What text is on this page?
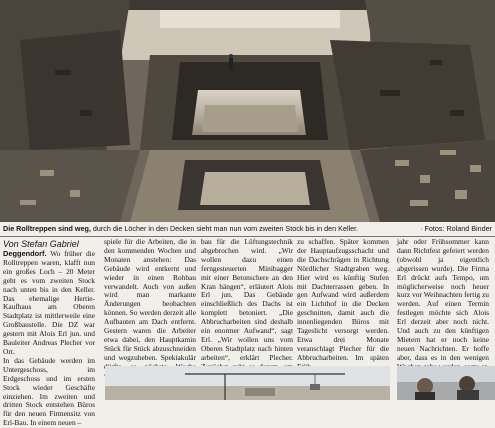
Die Rolltreppen sind weg, durch die Löcher in den Decken sieht man nun vom zweiten Stock bis in den Keller.	· Fotos: Roland Binder
Von Stefan Gabriel

Deggendorf. Wo früher die Rolltreppen waren, klafft nun ein großes Loch – 20 Meter geht es vom zweiten Stock nach unten bis in den Keller. Das ehemalige Hertie-Kaufhaus am Oberen Stadtplatz ist mittlerweile eine Großbaustelle. Die DZ war gestern mit Alois Erl jun. und Bauleiter Andreas Plecher vor Ort.

In das Gebäude werden im Untergeschoss, im Erdgeschoss und im ersten Stock wieder Geschäfte einziehen. Im zweiten und dritten Stock entstehen Büros für den neuen Firmensitz von Erl-Bau. In einem neuen –

spiele für die Arbeiten, die in den kommenden Wochen und Monaten anstehen: Das Gebäude wird entkernt und wieder in einen Rohbau verwandelt. Auch von außen wird man markante Änderungen beobachten können. So werden derzeit alle Aufbauten am Dach entfernt. Gestern waren die Arbeiter etwa dabei, den Hauptkamin Stück für Stück abzuschneiden und wegzuheben. Spektakulär

bau für die Lüftungstechnik abgebrochen wird. „Wir wollen dazu einen ferngesteuerten Minibagger mit einer Betonschere an den Kran hängen“, erläutert Alois Erl jun. Das Gebäude einschließlich des Dachs ist komplett betoniert. „Die Abbrucharbeiten sind deshalb ein enormer Aufwand“, sagt Erl. „Wir wollen uns vom Oberen Stadtplatz nach hinten arbeiten“, erklärt Plecher.

zu schaffen. Später kommen der Hauptaufzugsschacht und die Dachschrägen in Richtung Nördlicher Stadtgraben weg. Hier wird es künftig Stufen mit Dachterrassen geben. In gen Aufwand wird außerdem ein Lichthof in die Decken geschnitten, damit auch die innenliegenden Büros mit Tageslicht versorgt werden. Etwa drei Monate veranschlagt Plecher für die Abbrucharbeiten. Im späten

jahr oder Frühsommer kann dann Richtfest gefeiert werden (obwohl ja eigentlich abgerissen wurde). Die Firma Erl drückt aufs Tempo, um möglicherweise noch heuer kurz vor Weihnachten fertig zu werden. Auf einen Termin festlegen möchte sich Alois Erl derzeit aber noch nicht. Und auch zu den künftigen Mietern hat er noch keine neuen Nachrichten. Er hoffe aber, dass es in den wenigen
